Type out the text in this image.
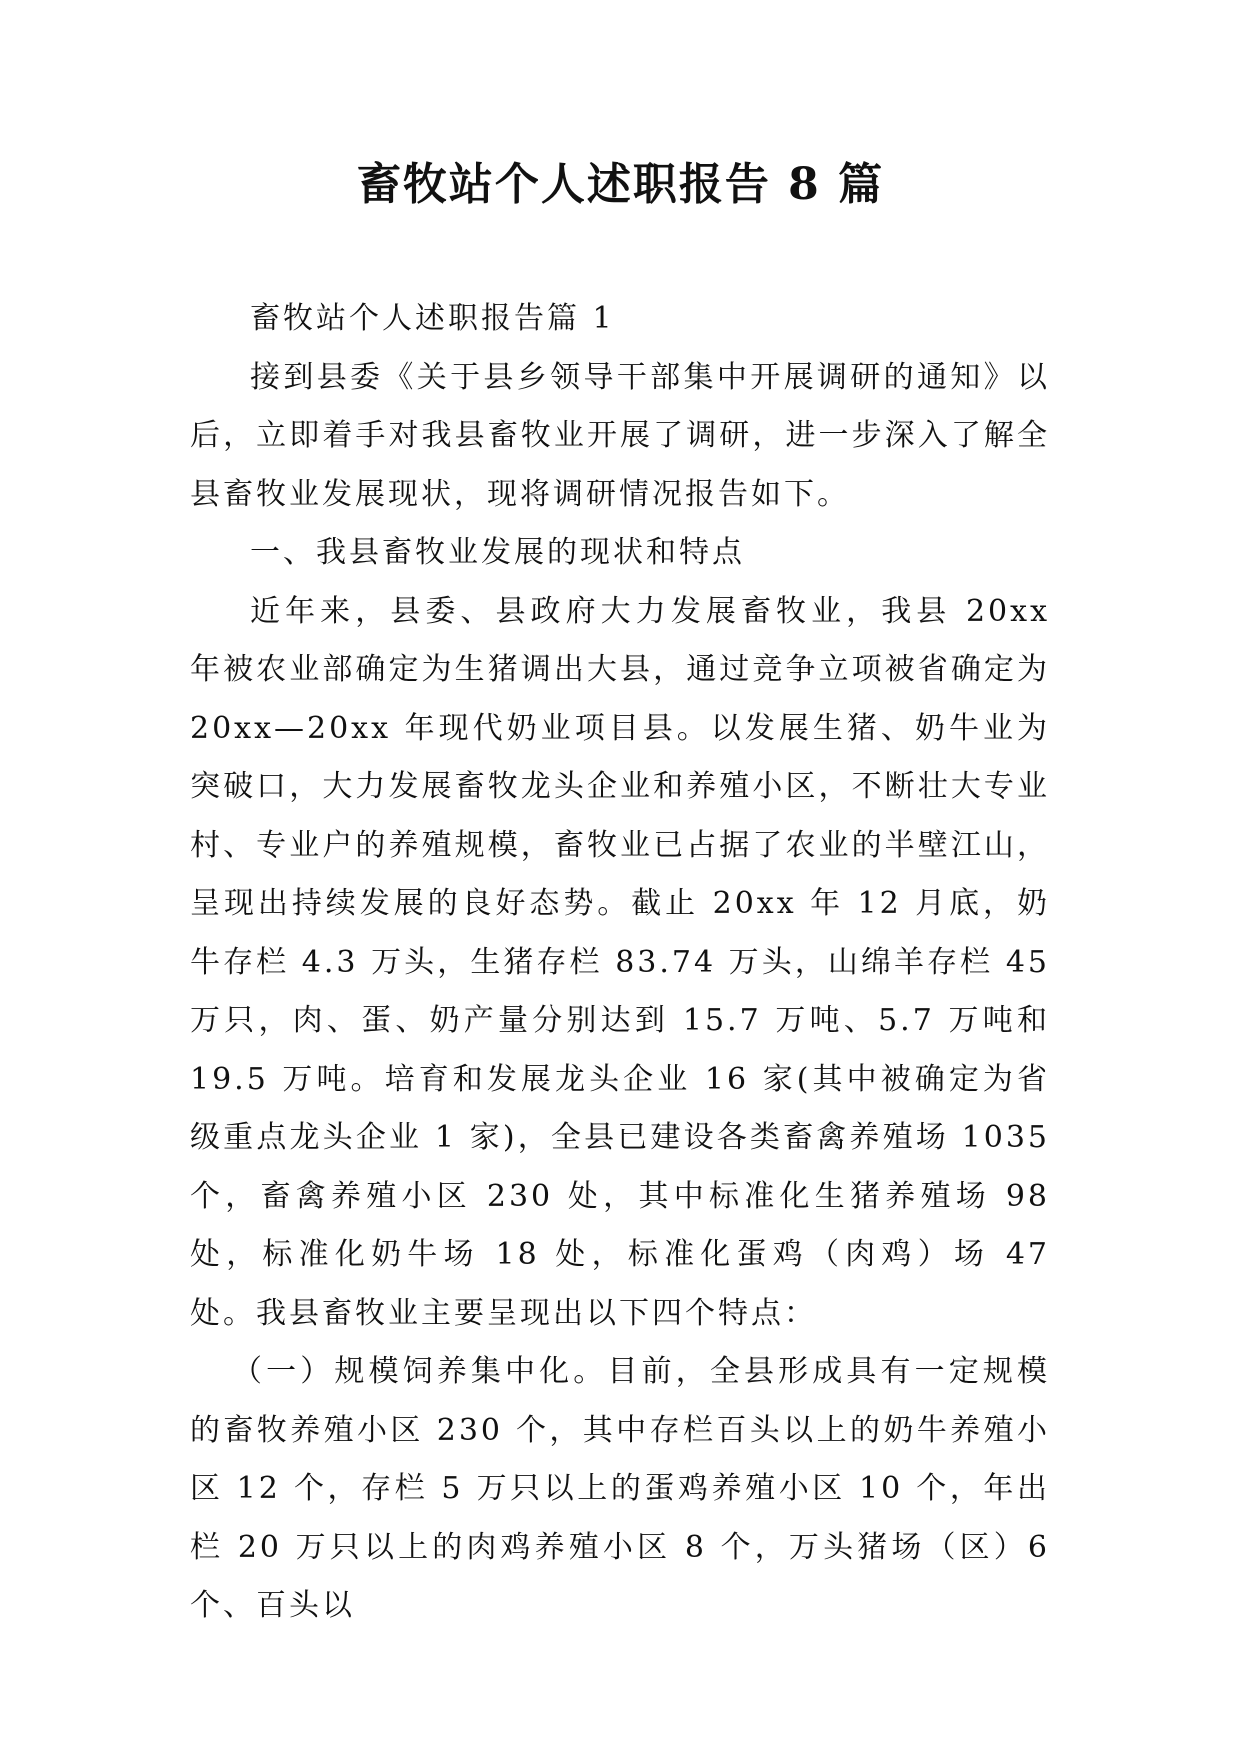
畜牧站个人述职报告 8 篇

畜牧站个人述职报告篇 1

接到县委《关于县乡领导干部集中开展调研的通知》以后，立即着手对我县畜牧业开展了调研，进一步深入了解全县畜牧业发展现状，现将调研情况报告如下。

一、我县畜牧业发展的现状和特点

近年来，县委、县政府大力发展畜牧业，我县 20xx 年被农业部确定为生猪调出大县，通过竞争立项被省确定为 20xx—20xx 年现代奶业项目县。以发展生猪、奶牛业为突破口，大力发展畜牧龙头企业和养殖小区，不断壮大专业村、专业户的养殖规模，畜牧业已占据了农业的半壁江山，呈现出持续发展的良好态势。截止 20xx 年 12 月底，奶牛存栏 4.3 万头，生猪存栏 83.74 万头，山绵羊存栏 45 万只，肉、蛋、奶产量分别达到 15.7 万吨、5.7 万吨和 19.5 万吨。培育和发展龙头企业 16 家(其中被确定为省级重点龙头企业 1 家)，全县已建设各类畜禽养殖场 1035 个，畜禽养殖小区 230 处，其中标准化生猪养殖场 98 处，标准化奶牛场 18 处，标准化蛋鸡（肉鸡）场 47 处。我县畜牧业主要呈现出以下四个特点：

（一）规模饲养集中化。目前，全县形成具有一定规模的畜牧养殖小区 230 个，其中存栏百头以上的奶牛养殖小区 12 个，存栏 5 万只以上的蛋鸡养殖小区 10 个，年出栏 20 万只以上的肉鸡养殖小区 8 个，万头猪场（区）6 个、百头以
